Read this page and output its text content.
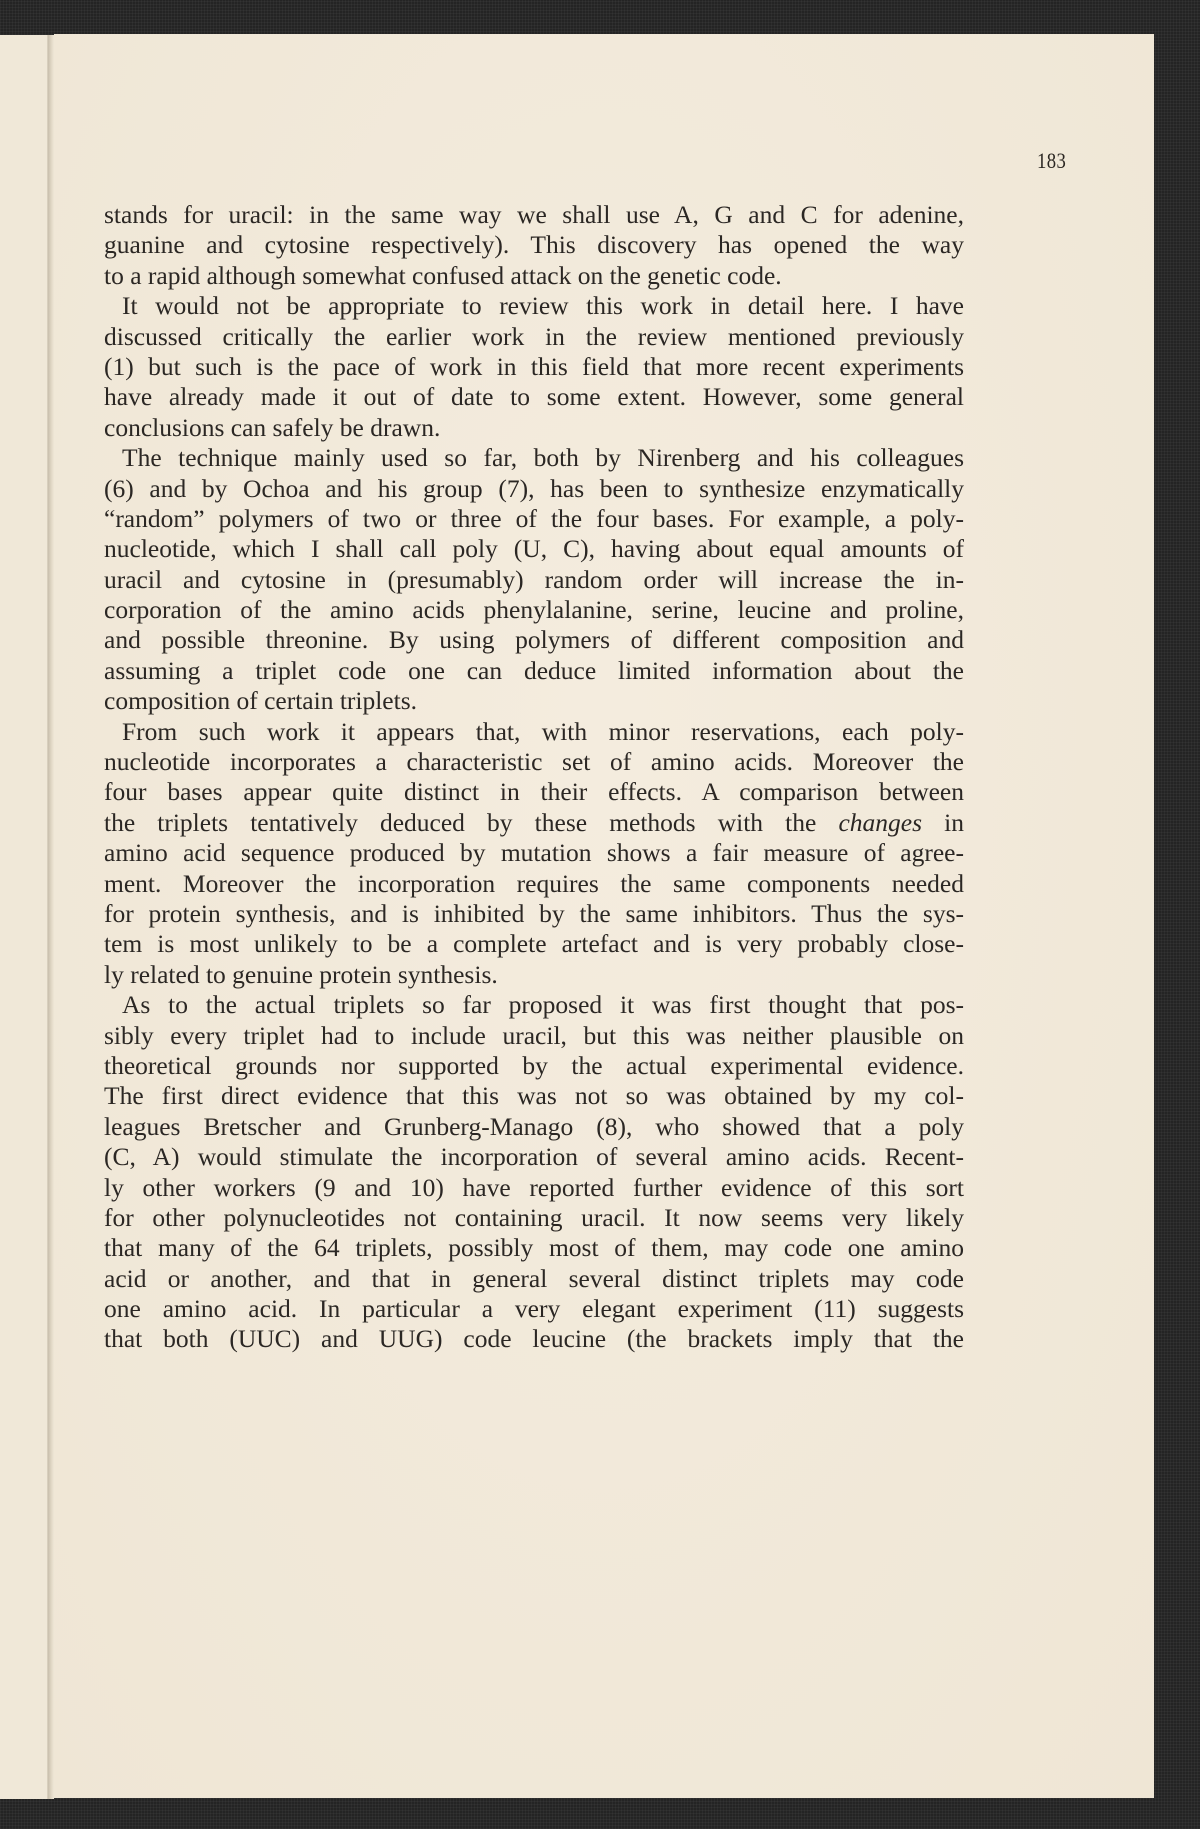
183
stands for uracil: in the same way we shall use A, G and C for adenine,
guanine and cytosine respectively). This discovery has opened the way
to a rapid although somewhat confused attack on the genetic code.
It would not be appropriate to review this work in detail here. I have
discussed critically the earlier work in the review mentioned previously
(1) but such is the pace of work in this field that more recent experiments
have already made it out of date to some extent. However, some general
conclusions can safely be drawn.
The technique mainly used so far, both by Nirenberg and his colleagues
(6) and by Ochoa and his group (7), has been to synthesize enzymatically
“random” polymers of two or three of the four bases. For example, a poly-
nucleotide, which I shall call poly (U, C), having about equal amounts of
uracil and cytosine in (presumably) random order will increase the in-
corporation of the amino acids phenylalanine, serine, leucine and proline,
and possible threonine. By using polymers of different composition and
assuming a triplet code one can deduce limited information about the
composition of certain triplets.
From such work it appears that, with minor reservations, each poly-
nucleotide incorporates a characteristic set of amino acids. Moreover the
four bases appear quite distinct in their effects. A comparison between
the triplets tentatively deduced by these methods with the changes in
amino acid sequence produced by mutation shows a fair measure of agree-
ment. Moreover the incorporation requires the same components needed
for protein synthesis, and is inhibited by the same inhibitors. Thus the sys-
tem is most unlikely to be a complete artefact and is very probably close-
ly related to genuine protein synthesis.
As to the actual triplets so far proposed it was first thought that pos-
sibly every triplet had to include uracil, but this was neither plausible on
theoretical grounds nor supported by the actual experimental evidence.
The first direct evidence that this was not so was obtained by my col-
leagues Bretscher and Grunberg-Manago (8), who showed that a poly
(C, A) would stimulate the incorporation of several amino acids. Recent-
ly other workers (9 and 10) have reported further evidence of this sort
for other polynucleotides not containing uracil. It now seems very likely
that many of the 64 triplets, possibly most of them, may code one amino
acid or another, and that in general several distinct triplets may code
one amino acid. In particular a very elegant experiment (11) suggests
that both (UUC) and UUG) code leucine (the brackets imply that the
